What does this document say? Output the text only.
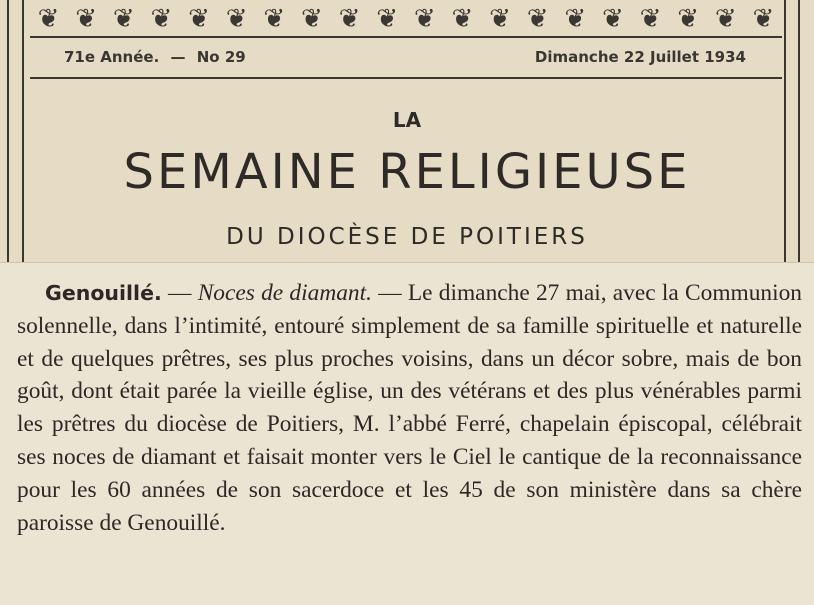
❦ ❦ ❦ ❦ ❦ ❦ ❦ ❦ ❦ ❦ ❦ ❦ ❦ ❦ ❦ ❦ ❦ ❦ ❦ ❦
71e Année. — No 29	Dimanche 22 Juillet 1934
LA
SEMAINE RELIGIEUSE
DU DIOCÈSE DE POITIERS

Genouillé. — Noces de diamant. — Le dimanche 27 mai, avec la Communion solennelle, dans l’intimité, entouré simplement de sa famille spirituelle et naturelle et de quelques prêtres, ses plus proches voisins, dans un décor sobre, mais de bon goût, dont était parée la vieille église, un des vétérans et des plus vénérables parmi les prêtres du diocèse de Poitiers, M. l’abbé Ferré, chapelain épiscopal, célébrait ses noces de diamant et faisait monter vers le Ciel le cantique de la reconnaissance pour les 60 années de son sacerdoce et les 45 de son ministère dans sa chère paroisse de Genouillé.
